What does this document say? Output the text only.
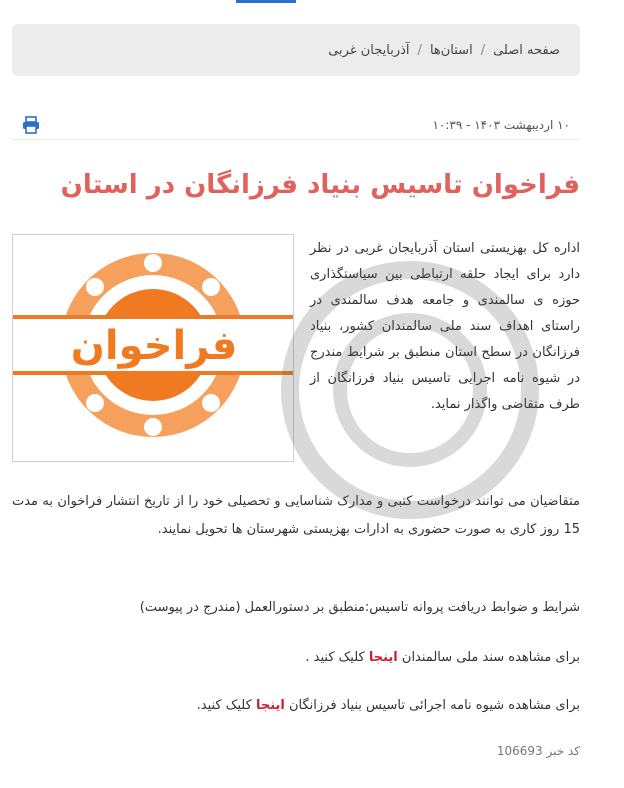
صفحه اصلی
/
استان‌ها
/
آذربایجان غربی
۱۰ اردیبهشت ۱۴۰۳ - ۱۰:۳۹
فراخوان تاسیس بنیاد فرزانگان در استان
فراخوان

اداره کل بهزیستی استان آذربایجان غربی در نظر دارد برای ایجاد حلقه ارتباطی بین سیاستگذاری حوزه ی سالمندی و جامعه هدف سالمندی در راستای اهداف سند ملی سالمندان کشور، بنیاد فرزانگان در سطح استان منطبق بر شرایط مندرج در شیوه نامه اجرایی تاسیس بنیاد فرزانگان از طرف متقاضی واگذار نماید.

متقاضیان می توانند درخواست کتبی و مدارک شناسایی و تحصیلی خود را از تاریخ انتشار فراخوان به مدت 15 روز کاری به صورت حضوری به ادارات بهزیستی شهرستان ها تحویل نمایند.

شرایط و ضوابط دریافت پروانه تاسیس:منطبق بر دستورالعمل (مندرج در پیوست)

برای مشاهده سند ملی سالمندان اینجا کلیک کنید .

برای مشاهده شیوه نامه اجرائی تاسیس بنیاد فرزانگان اینجا کلیک کنید.

کد خبر 106693
